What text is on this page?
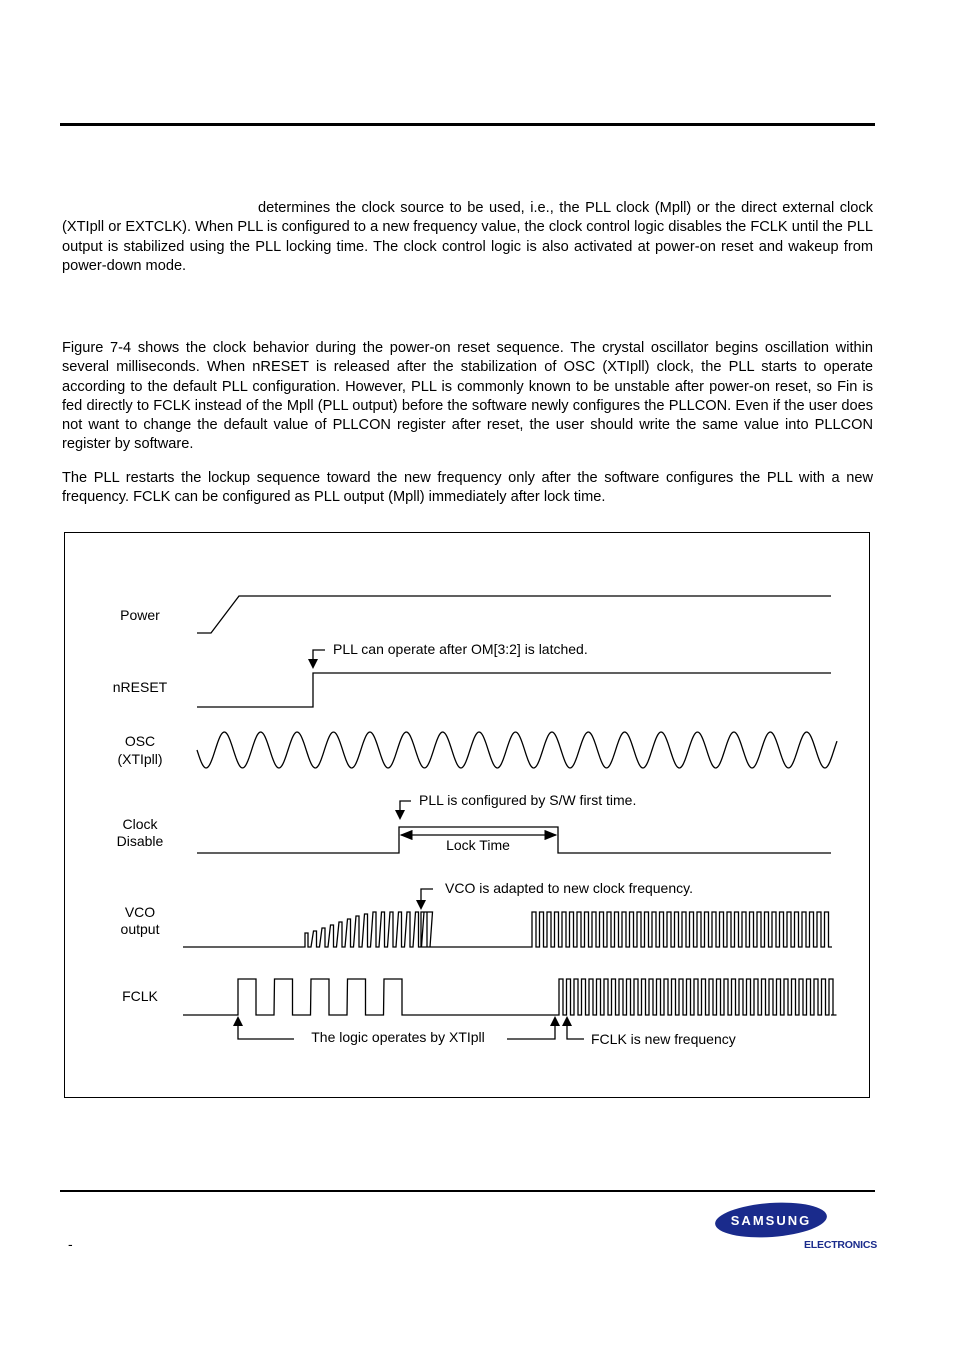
determines the clock source to be used, i.e., the PLL clock (Mpll) or the direct external clock (XTIpll or EXTCLK). When PLL is configured to a new frequency value, the clock control logic disables the FCLK until the PLL output is stabilized using the PLL locking time. The clock control logic is also activated at power-on reset and wakeup from power-down mode.

Figure 7-4 shows the clock behavior during the power-on reset sequence. The crystal oscillator begins oscillation within several milliseconds. When nRESET is released after the stabilization of OSC (XTIpll) clock, the PLL starts to operate according to the default PLL configuration. However, PLL is commonly known to be unstable after power-on reset, so Fin is fed directly to FCLK instead of the Mpll (PLL output) before the software newly configures the PLLCON. Even if the user does not want to change the default value of PLLCON register after reset, the user should write the same value into PLLCON register by software.

The PLL restarts the lockup sequence toward the new frequency only after the software configures the PLL with a new frequency. FCLK can be configured as PLL output (Mpll) immediately after lock time.

Power
nRESET
OSC
(XTIpll)
Clock
Disable
VCO
output
FCLK
PLL can operate after OM[3:2] is latched.
PLL is configured by S/W first time.
Lock Time
VCO is adapted to new clock frequency.
The logic operates by XTIpll	FCLK is new frequency
-
SAMSUNG
ELECTRONICS
